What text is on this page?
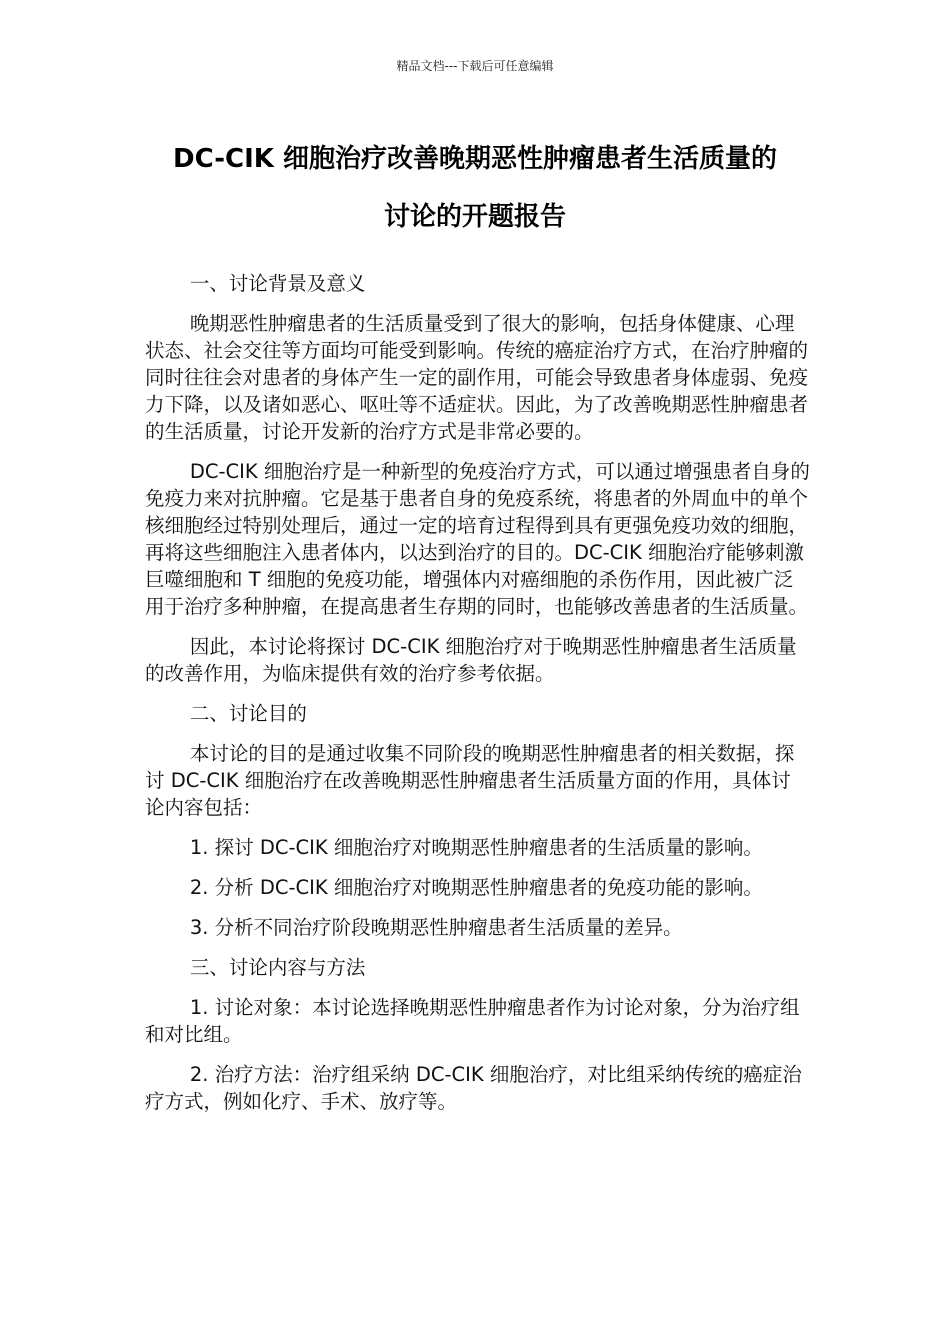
精品文档---下载后可任意编辑
DC-CIK 细胞治疗改善晚期恶性肿瘤患者生活质量的
讨论的开题报告

一、讨论背景及意义

晚期恶性肿瘤患者的生活质量受到了很大的影响，包括身体健康、心理状态、社会交往等方面均可能受到影响。传统的癌症治疗方式，在治疗肿瘤的同时往往会对患者的身体产生一定的副作用，可能会导致患者身体虚弱、免疫力下降，以及诸如恶心、呕吐等不适症状。因此，为了改善晚期恶性肿瘤患者的生活质量，讨论开发新的治疗方式是非常必要的。

DC-CIK 细胞治疗是一种新型的免疫治疗方式，可以通过增强患者自身的免疫力来对抗肿瘤。它是基于患者自身的免疫系统，将患者的外周血中的单个核细胞经过特别处理后，通过一定的培育过程得到具有更强免疫功效的细胞，再将这些细胞注入患者体内，以达到治疗的目的。DC-CIK 细胞治疗能够刺激巨噬细胞和 T 细胞的免疫功能，增强体内对癌细胞的杀伤作用，因此被广泛用于治疗多种肿瘤，在提高患者生存期的同时，也能够改善患者的生活质量。

因此，本讨论将探讨 DC-CIK 细胞治疗对于晚期恶性肿瘤患者生活质量的改善作用，为临床提供有效的治疗参考依据。

二、讨论目的

本讨论的目的是通过收集不同阶段的晚期恶性肿瘤患者的相关数据，探讨 DC-CIK 细胞治疗在改善晚期恶性肿瘤患者生活质量方面的作用，具体讨论内容包括：

1. 探讨 DC-CIK 细胞治疗对晚期恶性肿瘤患者的生活质量的影响。

2. 分析 DC-CIK 细胞治疗对晚期恶性肿瘤患者的免疫功能的影响。

3. 分析不同治疗阶段晚期恶性肿瘤患者生活质量的差异。

三、讨论内容与方法

1. 讨论对象：本讨论选择晚期恶性肿瘤患者作为讨论对象，分为治疗组和对比组。

2. 治疗方法：治疗组采纳 DC-CIK 细胞治疗，对比组采纳传统的癌症治疗方式，例如化疗、手术、放疗等。
